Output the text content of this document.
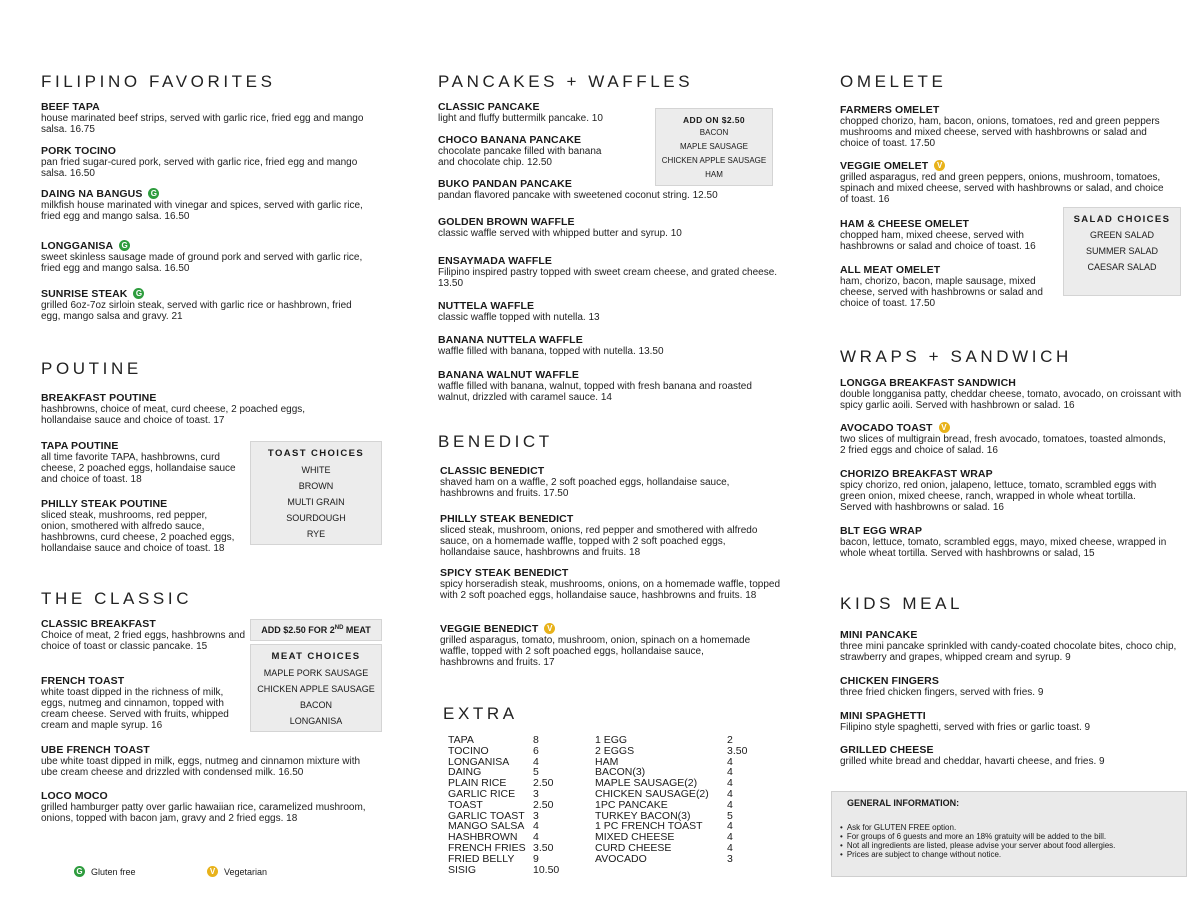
FILIPINO FAVORITES
BEEF TAPA
house marinated beef strips, served with garlic rice, fried egg and mango salsa. 16.75
PORK TOCINO
pan fried sugar-cured pork, served with garlic rice, fried egg and mango salsa. 16.50
DAING NA BANGUS G
milkfish house marinated with vinegar and spices, served with garlic rice, fried egg and mango salsa. 16.50
LONGGANISA G
sweet skinless sausage made of ground pork and served with garlic rice, fried egg and mango salsa. 16.50
SUNRISE STEAK G
grilled 6oz-7oz sirloin steak, served with garlic rice or hashbrown, fried egg, mango salsa and gravy. 21
POUTINE
BREAKFAST POUTINE
hashbrowns, choice of meat, curd cheese, 2 poached eggs, hollandaise sauce and choice of toast. 17
TAPA POUTINE
all time favorite TAPA, hashbrowns, curd cheese, 2 poached eggs, hollandaise sauce and choice of toast. 18
PHILLY STEAK POUTINE
sliced steak, mushrooms, red pepper, onion, smothered with alfredo sauce, hashbrowns, curd cheese, 2 poached eggs, hollandaise sauce and choice of toast. 18
TOAST CHOICES
WHITE
BROWN
MULTI GRAIN
SOURDOUGH
RYE
THE CLASSIC
CLASSIC BREAKFAST
Choice of meat, 2 fried eggs, hashbrowns and choice of toast or classic pancake. 15
FRENCH TOAST
white toast dipped in the richness of milk, eggs, nutmeg and cinnamon, topped with cream cheese. Served with fruits, whipped cream and maple syrup. 16
UBE FRENCH TOAST
ube white toast dipped in milk, eggs, nutmeg and cinnamon mixture with ube cream cheese and drizzled with condensed milk. 16.50
LOCO MOCO
grilled hamburger patty over garlic hawaiian rice, caramelized mushroom, onions, topped with bacon jam, gravy and 2 fried eggs. 18
ADD $2.50 FOR 2ND MEAT
MEAT CHOICES
MAPLE PORK SAUSAGE
CHICKEN APPLE SAUSAGE
BACON
LONGANISA
G Gluten free	V Vegetarian
PANCAKES + WAFFLES
CLASSIC PANCAKE
light and fluffy buttermilk pancake. 10
CHOCO BANANA PANCAKE
chocolate pancake filled with banana and chocolate chip. 12.50
BUKO PANDAN PANCAKE
pandan flavored pancake with sweetened coconut string. 12.50
GOLDEN BROWN WAFFLE
classic waffle served with whipped butter and syrup. 10
ENSAYMADA WAFFLE
Filipino inspired pastry topped with sweet cream cheese, and grated cheese. 13.50
NUTTELA WAFFLE
classic waffle topped with nutella. 13
BANANA NUTTELA WAFFLE
waffle filled with banana, topped with nutella. 13.50
BANANA WALNUT WAFFLE
waffle filled with banana, walnut, topped with fresh banana and roasted walnut, drizzled with caramel sauce. 14
ADD ON $2.50
BACON
MAPLE SAUSAGE
CHICKEN APPLE SAUSAGE
HAM
BENEDICT
CLASSIC BENEDICT
shaved ham on a waffle, 2 soft poached eggs, hollandaise sauce, hashbrowns and fruits. 17.50
PHILLY STEAK BENEDICT
sliced steak, mushroom, onions, red pepper and smothered with alfredo sauce, on a homemade waffle, topped with 2 soft poached eggs, hollandaise sauce, hashbrowns and fruits. 18
SPICY STEAK BENEDICT
spicy horseradish steak, mushrooms, onions, on a homemade waffle, topped with 2 soft poached eggs, hollandaise sauce, hashbrowns and fruits. 18
VEGGIE BENEDICT V
grilled asparagus, tomato, mushroom, onion, spinach on a homemade waffle, topped with 2 soft poached eggs, hollandaise sauce, hashbrowns and fruits. 17
EXTRA
TAPA	8
TOCINO	6
LONGANISA	4
DAING	5
PLAIN RICE	2.50
GARLIC RICE	3
TOAST	2.50
GARLIC TOAST	3
MANGO SALSA	4
HASHBROWN	4
FRENCH FRIES	3.50
FRIED BELLY	9
SISIG	10.50
1 EGG	2
2 EGGS	3.50
HAM	4
BACON(3)	4
MAPLE SAUSAGE(2)	4
CHICKEN SAUSAGE(2)	4
1PC PANCAKE	4
TURKEY BACON(3)	5
1 PC FRENCH TOAST	4
MIXED CHEESE	4
CURD CHEESE	4
AVOCADO	3
OMELETE
FARMERS OMELET
chopped chorizo, ham, bacon, onions, tomatoes, red and green peppers mushrooms and mixed cheese, served with hashbrowns or salad and choice of toast. 17.50
VEGGIE OMELET V
grilled asparagus, red and green peppers, onions, mushroom, tomatoes, spinach and mixed cheese, served with hashbrowns or salad, and choice of toast. 16
HAM & CHEESE OMELET
chopped ham, mixed cheese, served with hashbrowns or salad and choice of toast. 16
ALL MEAT OMELET
ham, chorizo, bacon, maple sausage, mixed cheese, served with hashbrowns or salad and choice of toast. 17.50
SALAD CHOICES
GREEN SALAD
SUMMER SALAD
CAESAR SALAD
WRAPS + SANDWICH
LONGGA BREAKFAST SANDWICH
double longganisa patty, cheddar cheese, tomato, avocado, on croissant with spicy garlic aoili. Served with hashbrown or salad. 16
AVOCADO TOAST V
two slices of multigrain bread, fresh avocado, tomatoes, toasted almonds, 2 fried eggs and choice of salad. 16
CHORIZO BREAKFAST WRAP
spicy chorizo, red onion, jalapeno, lettuce, tomato, scrambled eggs with green onion, mixed cheese, ranch, wrapped in whole wheat tortilla. Served with hashbrowns or salad. 16
BLT EGG WRAP
bacon, lettuce, tomato, scrambled eggs, mayo, mixed cheese, wrapped in whole wheat tortilla. Served with hashbrowns or salad, 15
KIDS MEAL
MINI PANCAKE
three mini pancake sprinkled with candy-coated chocolate bites, choco chip, strawberry and grapes, whipped cream and syrup. 9
CHICKEN FINGERS
three fried chicken fingers, served with fries. 9
MINI SPAGHETTI
Filipino style spaghetti, served with fries or garlic toast. 9
GRILLED CHEESE
grilled white bread and cheddar, havarti cheese, and fries. 9
GENERAL INFORMATION:
• Ask for GLUTEN FREE option.
• For groups of 6 guests and more an 18% gratuity will be added to the bill.
• Not all ingredients are listed, please advise your server about food allergies.
• Prices are subject to change without notice.
